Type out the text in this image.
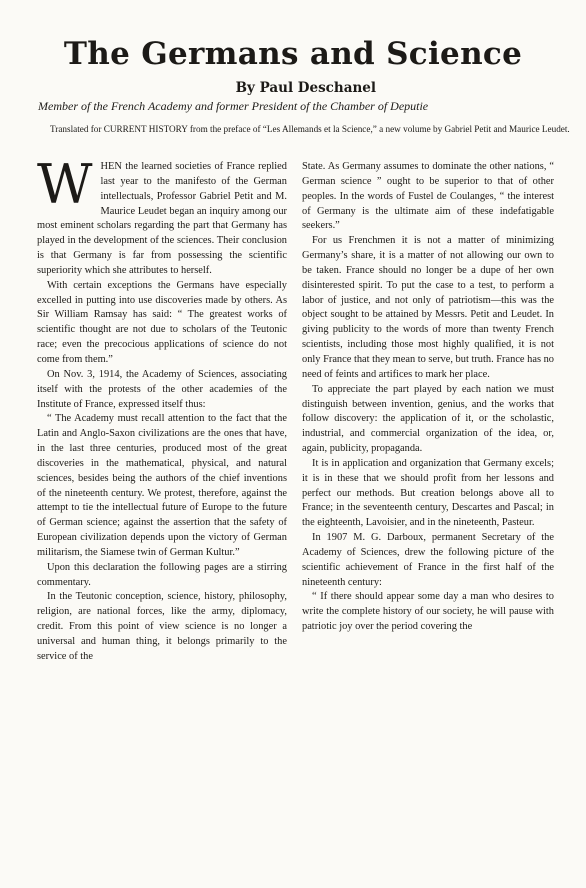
The Germans and Science
By Paul Deschanel
Member of the French Academy and former President of the Chamber of Deputie

Translated for CURRENT HISTORY from the preface of “Les Allemands et la Science,” a new volume by Gabriel Petit and Maurice Leudet.

W HEN the learned societies of France replied last year to the manifesto of the German intellectuals, Professor Gabriel Petit and M. Maurice Leudet began an inquiry among our most eminent scholars regarding the part that Germany has played in the development of the sciences. Their conclusion is that Germany is far from possessing the scientific superiority which she attributes to herself.

With certain exceptions the Germans have especially excelled in putting into use discoveries made by others. As Sir William Ramsay has said: “ The greatest works of scientific thought are not due to scholars of the Teutonic race; even the precocious applications of science do not come from them.”

On Nov. 3, 1914, the Academy of Sciences, associating itself with the protests of the other academies of the Institute of France, expressed itself thus:

“ The Academy must recall attention to the fact that the Latin and Anglo-Saxon civilizations are the ones that have, in the last three centuries, produced most of the great discoveries in the mathematical, physical, and natural sciences, besides being the authors of the chief inventions of the nineteenth century. We protest, therefore, against the attempt to tie the intellectual future of Europe to the future of German science; against the assertion that the safety of European civilization depends upon the victory of German militarism, the Siamese twin of German Kultur.”

Upon this declaration the following pages are a stirring commentary.

In the Teutonic conception, science, history, philosophy, religion, are national forces, like the army, diplomacy, credit. From this point of view science is no longer a universal and human thing, it belongs primarily to the service of the

State. As Germany assumes to dominate the other nations, “ German science ” ought to be superior to that of other peoples. In the words of Fustel de Coulanges, “ the interest of Germany is the ultimate aim of these indefatigable seekers.”

For us Frenchmen it is not a matter of minimizing Germany’s share, it is a matter of not allowing our own to be taken. France should no longer be a dupe of her own disinterested spirit. To put the case to a test, to perform a labor of justice, and not only of patriotism—this was the object sought to be attained by Messrs. Petit and Leudet. In giving publicity to the words of more than twenty French scientists, including those most highly qualified, it is not only France that they mean to serve, but truth. France has no need of feints and artifices to mark her place.

To appreciate the part played by each nation we must distinguish between invention, genius, and the works that follow discovery: the application of it, or the scholastic, industrial, and commercial organization of the idea, or, again, publicity, propaganda.

It is in application and organization that Germany excels; it is in these that we should profit from her lessons and perfect our methods. But creation belongs above all to France; in the seventeenth century, Descartes and Pascal; in the eighteenth, Lavoisier, and in the nineteenth, Pasteur.

In 1907 M. G. Darboux, permanent Secretary of the Academy of Sciences, drew the following picture of the scientific achievement of France in the first half of the nineteenth century:

“ If there should appear some day a man who desires to write the complete history of our society, he will pause with patriotic joy over the period covering the
